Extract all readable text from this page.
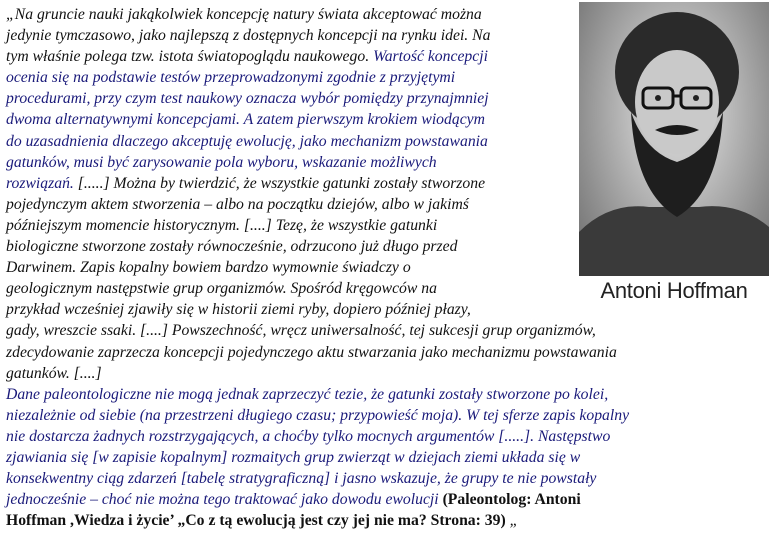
Antoni Hoffman
„Na gruncie nauki jakąkolwiek koncepcję natury świata akceptować można
jedynie tymczasowo, jako najlepszą z dostępnych koncepcji na rynku idei. Na
tym właśnie polega tzw. istota światopoglądu naukowego. Wartość koncepcji
ocenia się na podstawie testów przeprowadzonymi zgodnie z przyjętymi
procedurami, przy czym test naukowy oznacza wybór pomiędzy przynajmniej
dwoma alternatywnymi koncepcjami. A zatem pierwszym krokiem wiodącym
do uzasadnienia dlaczego akceptuję ewolucję, jako mechanizm powstawania
gatunków, musi być zarysowanie pola wyboru, wskazanie możliwych
rozwiązań. [.....] Można by twierdzić, że wszystkie gatunki zostały stworzone
pojedynczym aktem stworzenia – albo na początku dziejów, albo w jakimś
późniejszym momencie historycznym. [....] Tezę, że wszystkie gatunki
biologiczne stworzone zostały równocześnie, odrzucono już długo przed
Darwinem. Zapis kopalny bowiem bardzo wymownie świadczy o
geologicznym następstwie grup organizmów. Spośród kręgowców na
przykład wcześniej zjawiły się w historii ziemi ryby, dopiero później płazy,
gady, wreszcie ssaki. [....] Powszechność, wręcz uniwersalność, tej sukcesji grup organizmów,
zdecydowanie zaprzecza koncepcji pojedynczego aktu stwarzania jako mechanizmu powstawania
gatunków. [....]
Dane paleontologiczne nie mogą jednak zaprzeczyć tezie, że gatunki zostały stworzone po kolei,
niezależnie od siebie (na przestrzeni długiego czasu; przypowieść moja). W tej sferze zapis kopalny
nie dostarcza żadnych rozstrzygających, a choćby tylko mocnych argumentów [.....]. Następstwo
zjawiania się [w zapisie kopalnym] rozmaitych grup zwierząt w dziejach ziemi układa się w
konsekwentny ciąg zdarzeń [tabelę stratygraficzną] i jasno wskazuje, że grupy te nie powstały
jednocześnie – choć nie można tego traktować jako dowodu ewolucji (Paleontolog: Antoni
Hoffman ,Wiedza i życie’ „Co z tą ewolucją jest czy jej nie ma? Strona: 39) „
